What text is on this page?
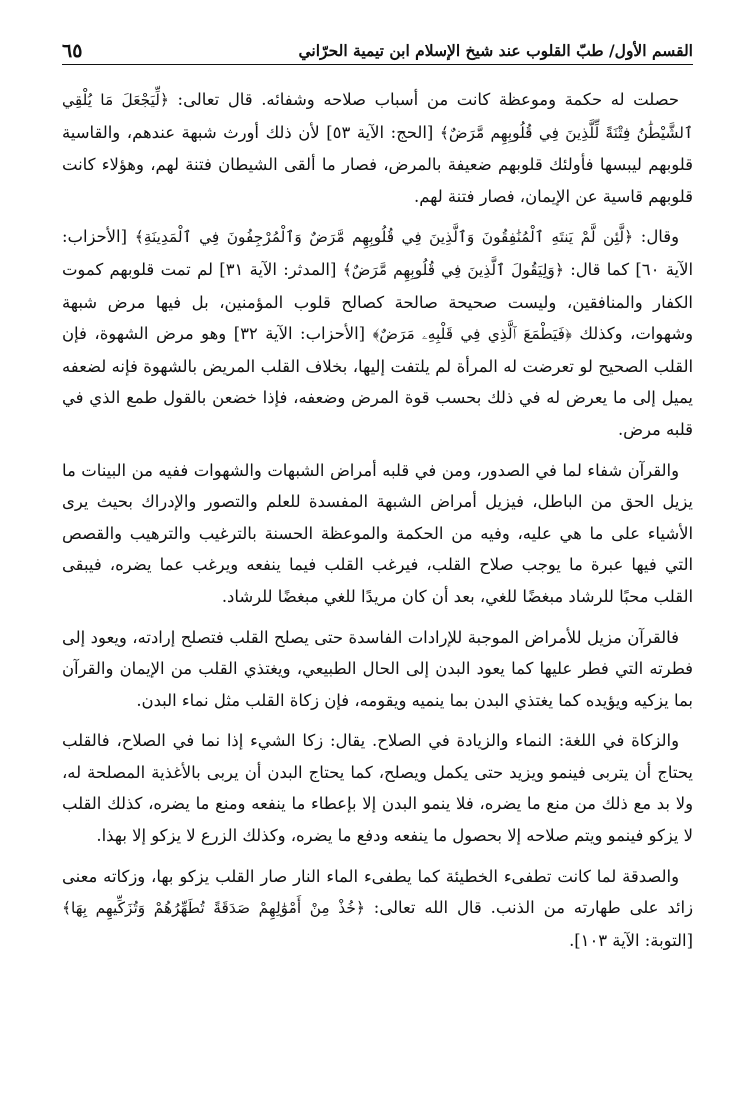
القسم الأول/ طبّ القلوب عند شيخ الإسلام ابن تيمية الحرّاني
٦٥

حصلت له حكمة وموعظة كانت من أسباب صلاحه وشفائه. قال تعالى: ﴿لِّيَجْعَلَ مَا يُلْقِي ٱلشَّيْطَٰنُ فِتْنَةً لِّلَّذِينَ فِي قُلُوبِهِم مَّرَضٌ﴾ [الحج: الآية ٥٣] لأن ذلك أورث شبهة عندهم، والقاسية قلوبهم ليبسها فأولئك قلوبهم ضعيفة بالمرض، فصار ما ألقى الشيطان فتنة لهم، وهؤلاء كانت قلوبهم قاسية عن الإيمان، فصار فتنة لهم.

وقال: ﴿لَّئِن لَّمْ يَنتَهِ ٱلْمُنَٰفِقُونَ وَٱلَّذِينَ فِي قُلُوبِهِم مَّرَضٌ وَٱلْمُرْجِفُونَ فِي ٱلْمَدِينَةِ﴾ [الأحزاب: الآية ٦٠] كما قال: ﴿وَلِيَقُولَ ٱلَّذِينَ فِي قُلُوبِهِم مَّرَضٌ﴾ [المدثر: الآية ٣١] لم تمت قلوبهم كموت الكفار والمنافقين، وليست صحيحة صالحة كصالح قلوب المؤمنين، بل فيها مرض شبهة وشهوات، وكذلك ﴿فَيَطْمَعَ ٱلَّذِي فِي قَلْبِهِۦ مَرَضٌ﴾ [الأحزاب: الآية ٣٢] وهو مرض الشهوة، فإن القلب الصحيح لو تعرضت له المرأة لم يلتفت إليها، بخلاف القلب المريض بالشهوة فإنه لضعفه يميل إلى ما يعرض له في ذلك بحسب قوة المرض وضعفه، فإذا خضعن بالقول طمع الذي في قلبه مرض.

والقرآن شفاء لما في الصدور، ومن في قلبه أمراض الشبهات والشهوات ففيه من البينات ما يزيل الحق من الباطل، فيزيل أمراض الشبهة المفسدة للعلم والتصور والإدراك بحيث يرى الأشياء على ما هي عليه، وفيه من الحكمة والموعظة الحسنة بالترغيب والترهيب والقصص التي فيها عبرة ما يوجب صلاح القلب، فيرغب القلب فيما ينفعه ويرغب عما يضره، فيبقى القلب محبًا للرشاد مبغضًا للغي، بعد أن كان مريدًا للغي مبغضًا للرشاد.

فالقرآن مزيل للأمراض الموجبة للإرادات الفاسدة حتى يصلح القلب فتصلح إرادته، ويعود إلى فطرته التي فطر عليها كما يعود البدن إلى الحال الطبيعي، ويغتذي القلب من الإيمان والقرآن بما يزكيه ويؤيده كما يغتذي البدن بما ينميه ويقومه، فإن زكاة القلب مثل نماء البدن.

والزكاة في اللغة: النماء والزيادة في الصلاح. يقال: زكا الشيء إذا نما في الصلاح، فالقلب يحتاج أن يتربى فينمو ويزيد حتى يكمل ويصلح، كما يحتاج البدن أن يربى بالأغذية المصلحة له، ولا بد مع ذلك من منع ما يضره، فلا ينمو البدن إلا بإعطاء ما ينفعه ومنع ما يضره، كذلك القلب لا يزكو فينمو ويتم صلاحه إلا بحصول ما ينفعه ودفع ما يضره، وكذلك الزرع لا يزكو إلا بهذا.

والصدقة لما كانت تطفىء الخطيئة كما يطفىء الماء النار صار القلب يزكو بها، وزكاته معنى زائد على طهارته من الذنب. قال الله تعالى: ﴿خُذْ مِنْ أَمْوَٰلِهِمْ صَدَقَةً تُطَهِّرُهُمْ وَتُزَكِّيهِم بِهَا﴾ [التوبة: الآية ١٠٣].
